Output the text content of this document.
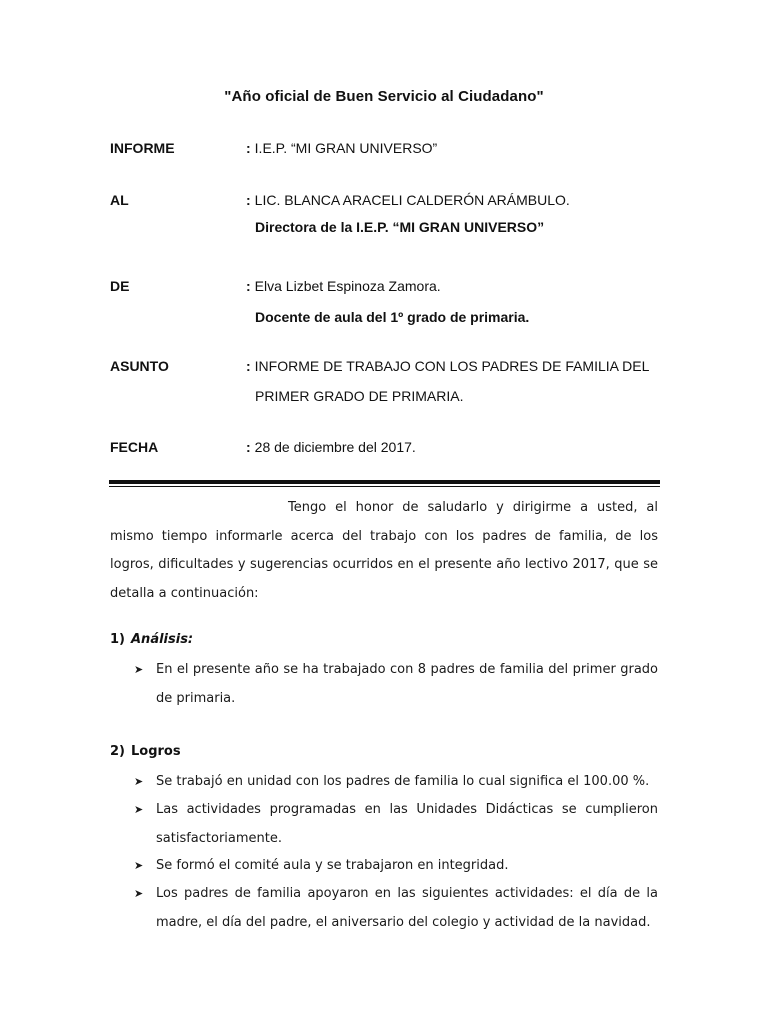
"Año oficial de Buen Servicio al Ciudadano"
INFORME	: I.E.P. “MI GRAN UNIVERSO”
AL	: LIC. BLANCA ARACELI CALDERÓN ARÁMBULO.
Directora de la I.E.P. “MI GRAN UNIVERSO”
DE	: Elva Lizbet Espinoza Zamora.
Docente de aula del 1º grado de primaria.
ASUNTO	: INFORME DE TRABAJO CON LOS PADRES DE FAMILIA DEL
PRIMER GRADO DE PRIMARIA.
FECHA	: 28 de diciembre del 2017.
Tengo el honor de saludarlo y dirigirme a usted, al mismo tiempo informarle acerca del trabajo con los padres de familia, de los logros, dificultades y sugerencias ocurridos en el presente año lectivo 2017, que se detalla a continuación:
1) Análisis:
➤ En el presente año se ha trabajado con 8 padres de familia del primer grado de primaria.
2) Logros
➤ Se trabajó en unidad con los padres de familia lo cual significa el 100.00 %.
➤ Las actividades programadas en las Unidades Didácticas se cumplieron satisfactoriamente.
➤ Se formó el comité aula y se trabajaron en integridad.
➤ Los padres de familia apoyaron en las siguientes actividades: el día de la madre, el día del padre, el aniversario del colegio y actividad de la navidad.
